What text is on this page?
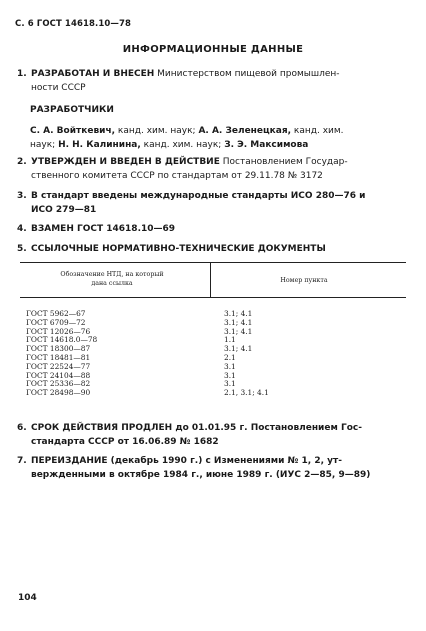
С. 6 ГОСТ 14618.10—78
ИНФОРМАЦИОННЫЕ ДАННЫЕ
1. РАЗРАБОТАН И ВНЕСЕН Министерством пищевой промышлен-
ности СССР
РАЗРАБОТЧИКИ
С. А. Войткевич, канд. хим. наук; А. А. Зеленецкая, канд. хим.
наук; Н. Н. Калинина, канд. хим. наук; З. Э. Максимова
2. УТВЕРЖДЕН И ВВЕДЕН В ДЕЙСТВИЕ Постановлением Государ-
ственного комитета СССР по стандартам от 29.11.78 № 3172
3. В стандарт введены международные стандарты ИСО 280—76 и
ИСО 279—81
4. ВЗАМЕН ГОСТ 14618.10—69
5. ССЫЛОЧНЫЕ НОРМАТИВНО-ТЕХНИЧЕСКИЕ ДОКУМЕНТЫ
Обозначение НТД, на который
дана ссылка	Номер пункта
ГОСТ 5962—67	3.1; 4.1
ГОСТ 6709—72	3.1; 4.1
ГОСТ 12026—76	3.1; 4.1
ГОСТ 14618.0—78	1.1
ГОСТ 18300—87	3.1; 4.1
ГОСТ 18481—81	2.1
ГОСТ 22524—77	3.1
ГОСТ 24104—88	3.1
ГОСТ 25336—82	3.1
ГОСТ 28498—90	2.1, 3.1; 4.1
6. СРОК ДЕЙСТВИЯ ПРОДЛЕН до 01.01.95 г. Постановлением Гос-
стандарта СССР от 16.06.89 № 1682
7. ПЕРЕИЗДАНИЕ (декабрь 1990 г.) с Изменениями № 1, 2, ут-
вержденными в октябре 1984 г., июне 1989 г. (ИУС 2—85, 9—89)
104
